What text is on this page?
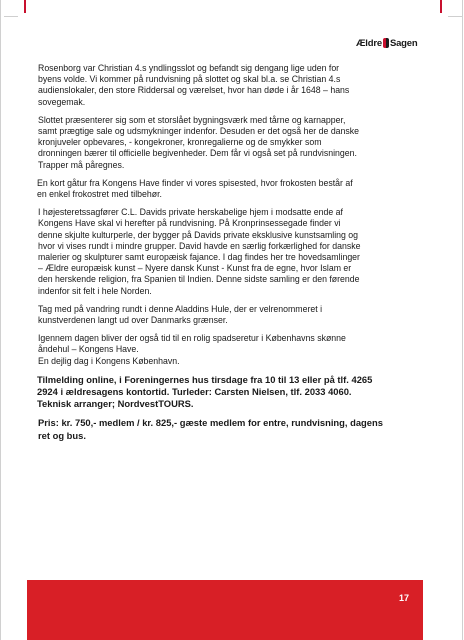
Ældre Sagen

Rosenborg var Christian 4.s yndlingsslot og befandt sig dengang lige uden for
byens volde. Vi kommer på rundvisning på slottet og skal bl.a. se Christian 4.s
audienslokaler, den store Riddersal og værelset, hvor han døde i år 1648 – hans
sovegemak.

Slottet præsenterer sig som et storslået bygningsværk med tårne og karnapper,
samt prægtige sale og udsmykninger indenfor. Desuden er det også her de danske
kronjuveler opbevares, - kongekroner, kronregalierne og de smykker som
dronningen bærer til officielle begivenheder. Dem får vi også set på rundvisningen.
Trapper må påregnes.

En kort gåtur fra Kongens Have finder vi vores spisested, hvor frokosten består af
en enkel frokostret med tilbehør.

I højesteretssagfører C.L. Davids private herskabelige hjem i modsatte ende af
Kongens Have skal vi herefter på rundvisning. På Kronprinsessegade finder vi
denne skjulte kulturperle, der bygger på Davids private eksklusive kunstsamling og
hvor vi vises rundt i mindre grupper. David havde en særlig forkærlighed for danske
malerier og skulpturer samt europæisk fajance. I dag findes her tre hovedsamlinger
– Ældre europæisk kunst – Nyere dansk Kunst - Kunst fra de egne, hvor Islam er
den herskende religion, fra Spanien til Indien. Denne sidste samling er den førende
indenfor sit felt i hele Norden.

Tag med på vandring rundt i denne Aladdins Hule, der er velrenommeret i
kunstverdenen langt ud over Danmarks grænser.

Igennem dagen bliver der også tid til en rolig spadseretur i Københavns skønne
åndehul – Kongens Have.
En dejlig dag i Kongens København.

Tilmelding online, i Foreningernes hus tirsdage fra 10 til 13 eller på tlf. 4265
2924 i ældresagens kontortid. Turleder: Carsten Nielsen, tlf. 2033 4060.
Teknisk arranger; NordvestTOURS.

Pris: kr. 750,- medlem / kr. 825,- gæste medlem for entre, rundvisning, dagens
ret og bus.

17
